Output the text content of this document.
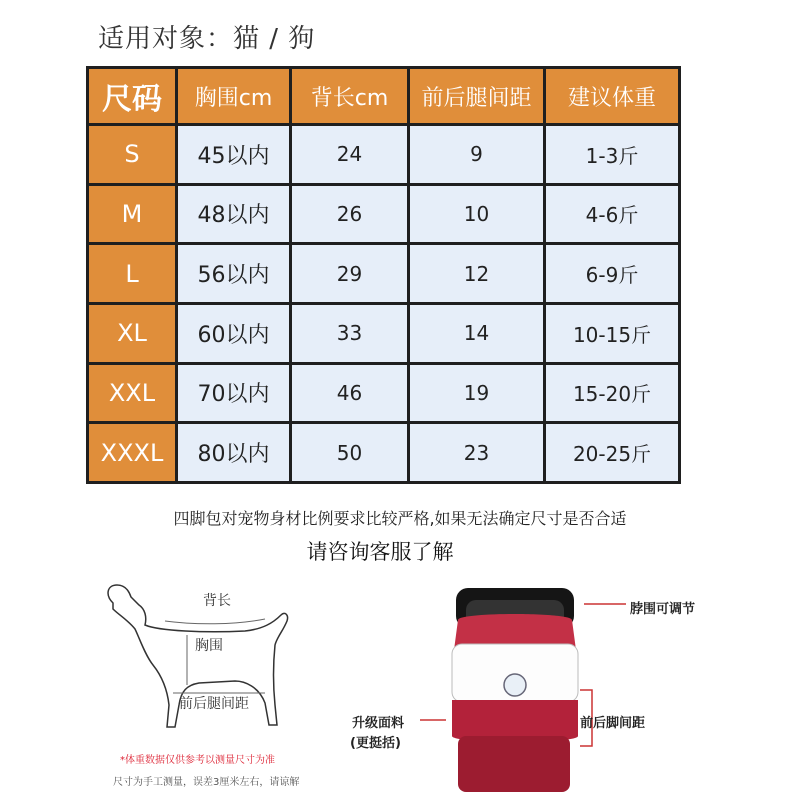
适用对象：猫 / 狗
尺码	胸围cm	背长cm	前后腿间距	建议体重
S	45以内	24	9	1-3斤
M	48以内	26	10	4-6斤
L	56以内	29	12	6-9斤
XL	60以内	33	14	10-15斤
XXL	70以内	46	19	15-20斤
XXXL	80以内	50	23	20-25斤
四脚包对宠物身材比例要求比较严格,如果无法确定尺寸是否合适
请咨询客服了解
背长
胸围
前后腿间距
*体重数据仅供参考以测量尺寸为准
尺寸为手工测量，误差3厘米左右，请谅解
脖围可调节
升级面料
(更挺括)
前后脚间距
